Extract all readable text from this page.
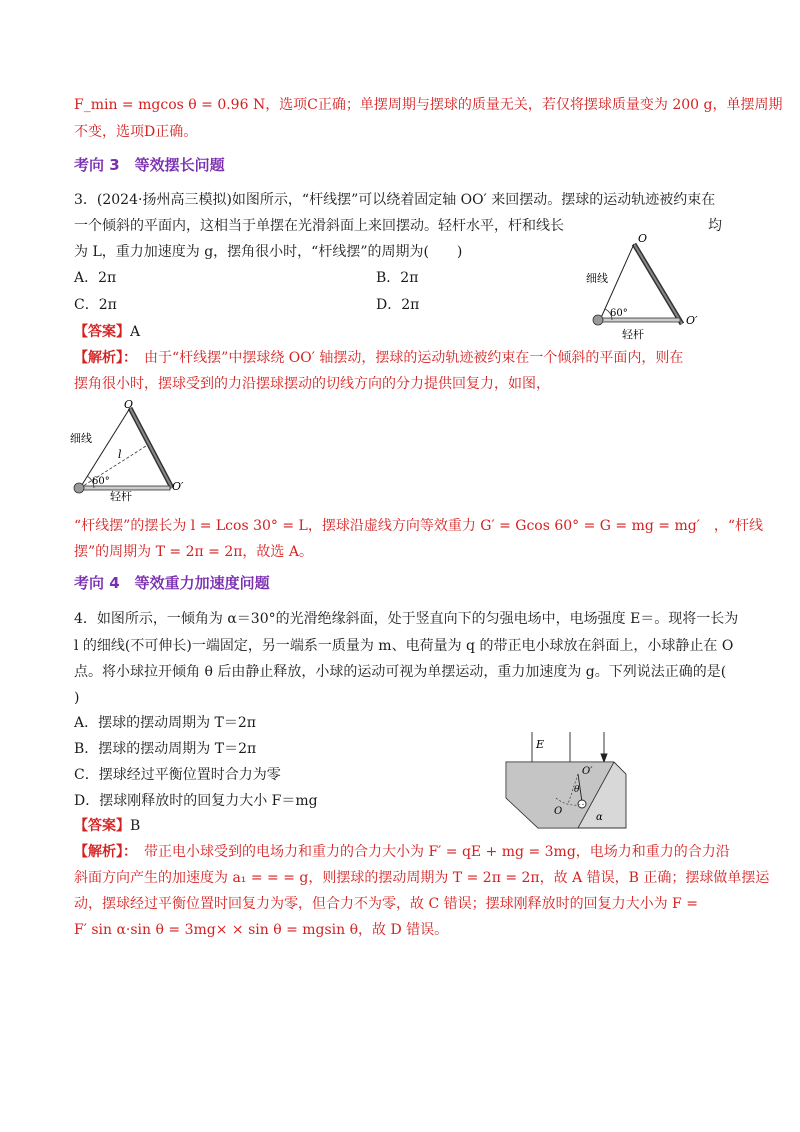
F_min = mgcos θ = 0.96 N，选项C正确；单摆周期与摆球的质量无关，若仅将摆球质量变为 200 g，单摆周期
不变，选项D正确。
考向 3　等效摆长问题
3．(2024·扬州高三模拟)如图所示，“杆线摆”可以绕着固定轴 OO′ 来回摆动。摆球的运动轨迹被约束在
一个倾斜的平面内，这相当于单摆在光滑斜面上来回摆动。轻杆水平，杆和线长	均
为 L，重力加速度为 g，摆角很小时，“杆线摆”的周期为(　　)
A．2π	B．2π
C．2π	D．2π
O
O′
细线
轻杆
60°
【答案】A
【解析】：　由于“杆线摆”中摆球绕 OO′ 轴摆动，摆球的运动轨迹被约束在一个倾斜的平面内，则在
摆角很小时，摆球受到的力沿摆球摆动的切线方向的分力提供回复力，如图，
O
O′
细线
轻杆
60°
l
“杆线摆”的摆长为 l = Lcos 30° = L，摆球沿虚线方向等效重力 G′ = Gcos 60° = G = mg = mg′　，“杆线
摆”的周期为 T = 2π = 2π，故选 A。
考向 4　等效重力加速度问题
4．如图所示，一倾角为 α＝30°的光滑绝缘斜面，处于竖直向下的匀强电场中，电场强度 E＝。现将一长为
l 的细线(不可伸长)一端固定，另一端系一质量为 m、电荷量为 q 的带正电小球放在斜面上，小球静止在 O
点。将小球拉开倾角 θ 后由静止释放，小球的运动可视为单摆运动，重力加速度为 g。下列说法正确的是(
)
A．摆球的摆动周期为 T＝2π
B．摆球的摆动周期为 T＝2π
C．摆球经过平衡位置时合力为零
D．摆球刚释放时的回复力大小 F＝mg
E
O′
O
θ
α
【答案】B
【解析】：　带正电小球受到的电场力和重力的合力大小为 F′ = qE + mg = 3mg，电场力和重力的合力沿
斜面方向产生的加速度为 a₁ = = = g，则摆球的摆动周期为 T = 2π = 2π，故 A 错误，B 正确；摆球做单摆运
动，摆球经过平衡位置时回复力为零，但合力不为零，故 C 错误；摆球刚释放时的回复力大小为 F =
F′ sin α·sin θ = 3mg× × sin θ = mgsin θ，故 D 错误。
